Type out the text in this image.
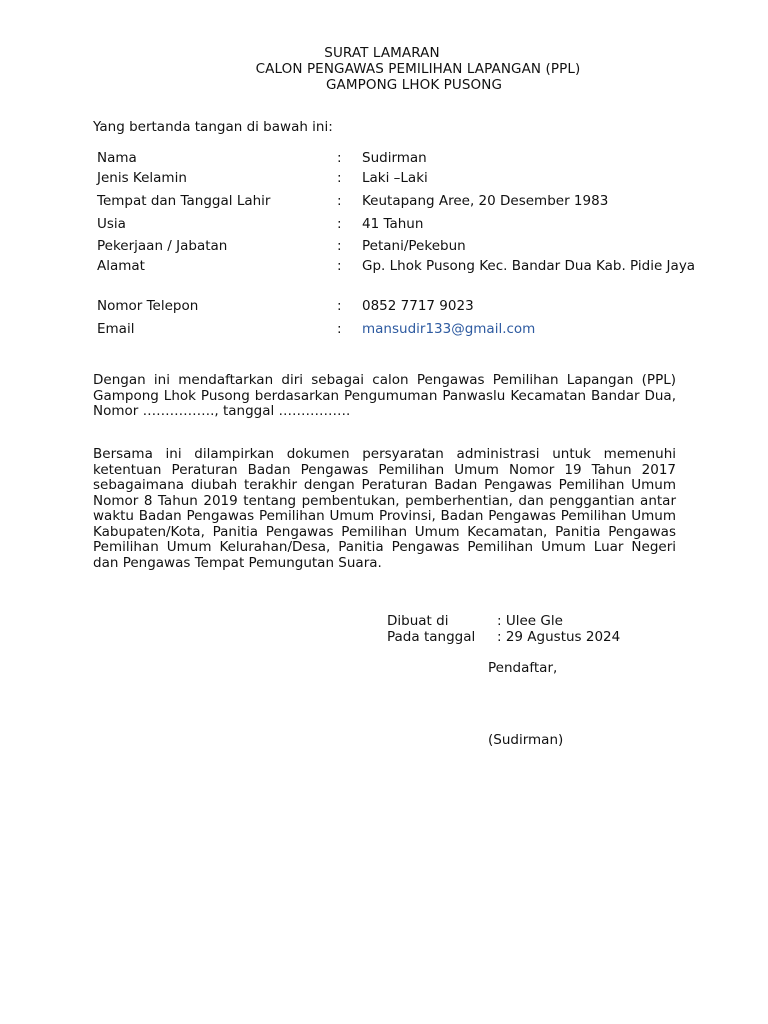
SURAT LAMARAN
CALON PENGAWAS PEMILIHAN LAPANGAN (PPL)
GAMPONG LHOK PUSONG
Yang bertanda tangan di bawah ini:
Nama	: Sudirman
Jenis Kelamin	: Laki –Laki
Tempat dan Tanggal Lahir	: Keutapang Aree, 20 Desember 1983
Usia	: 41 Tahun
Pekerjaan / Jabatan	: Petani/Pekebun
Alamat	: Gp. Lhok Pusong Kec. Bandar Dua Kab. Pidie Jaya
Nomor Telepon	: 0852 7717 9023
Email	: mansudir133@gmail.com
Dengan ini mendaftarkan diri sebagai calon Pengawas Pemilihan Lapangan (PPL) Gampong Lhok Pusong berdasarkan Pengumuman Panwaslu Kecamatan Bandar Dua, Nomor ……………., tanggal …………….
Bersama ini dilampirkan dokumen persyaratan administrasi untuk memenuhi ketentuan Peraturan Badan Pengawas Pemilihan Umum Nomor 19 Tahun 2017 sebagaimana diubah terakhir dengan Peraturan Badan Pengawas Pemilihan Umum Nomor 8 Tahun 2019 tentang pembentukan, pemberhentian, dan penggantian antar waktu Badan Pengawas Pemilihan Umum Provinsi, Badan Pengawas Pemilihan Umum Kabupaten/Kota, Panitia Pengawas Pemilihan Umum Kecamatan, Panitia Pengawas Pemilihan Umum Kelurahan/Desa, Panitia Pengawas Pemilihan Umum Luar Negeri dan Pengawas Tempat Pemungutan Suara.
Dibuat di	: Ulee Gle
Pada tanggal : 29 Agustus 2024
Pendaftar,
(Sudirman)
